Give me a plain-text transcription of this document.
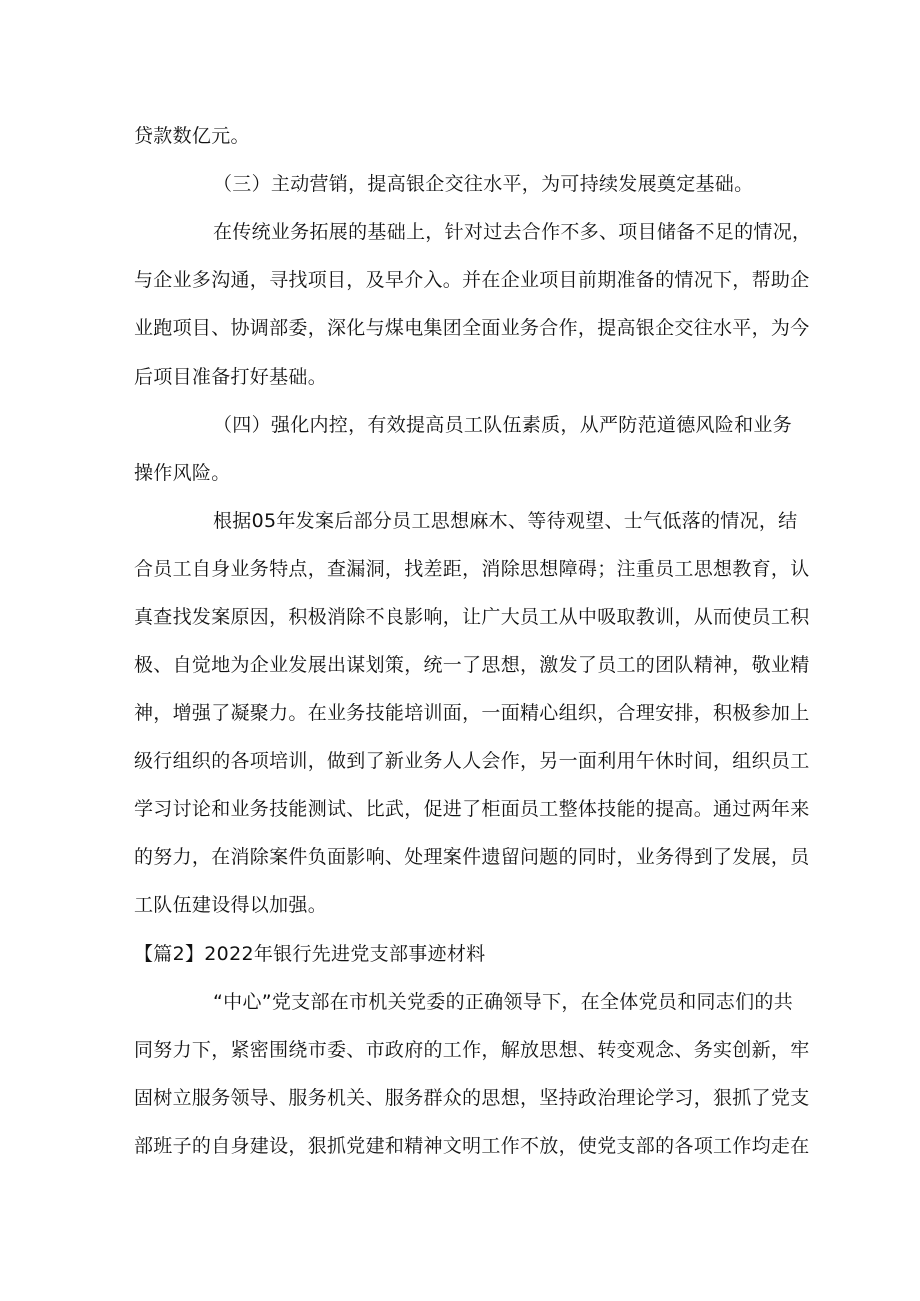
贷款数亿元。
（三）主动营销，提高银企交往水平，为可持续发展奠定基础。
在传统业务拓展的基础上，针对过去合作不多、项目储备不足的情况，
与企业多沟通，寻找项目，及早介入。并在企业项目前期准备的情况下，帮助企
业跑项目、协调部委，深化与煤电集团全面业务合作，提高银企交往水平，为今
后项目准备打好基础。
（四）强化内控，有效提高员工队伍素质，从严防范道德风险和业务
操作风险。
根据05年发案后部分员工思想麻木、等待观望、士气低落的情况，结
合员工自身业务特点，查漏洞，找差距，消除思想障碍；注重员工思想教育，认
真查找发案原因，积极消除不良影响，让广大员工从中吸取教训，从而使员工积
极、自觉地为企业发展出谋划策，统一了思想，激发了员工的团队精神，敬业精
神，增强了凝聚力。在业务技能培训面，一面精心组织，合理安排，积极参加上
级行组织的各项培训，做到了新业务人人会作，另一面利用午休时间，组织员工
学习讨论和业务技能测试、比武，促进了柜面员工整体技能的提高。通过两年来
的努力，在消除案件负面影响、处理案件遗留问题的同时，业务得到了发展，员
工队伍建设得以加强。
【篇2】2022年银行先进党支部事迹材料
“中心”党支部在市机关党委的正确领导下，在全体党员和同志们的共
同努力下，紧密围绕市委、市政府的工作，解放思想、转变观念、务实创新，牢
固树立服务领导、服务机关、服务群众的思想，坚持政治理论学习，狠抓了党支
部班子的自身建设，狠抓党建和精神文明工作不放，使党支部的各项工作均走在
